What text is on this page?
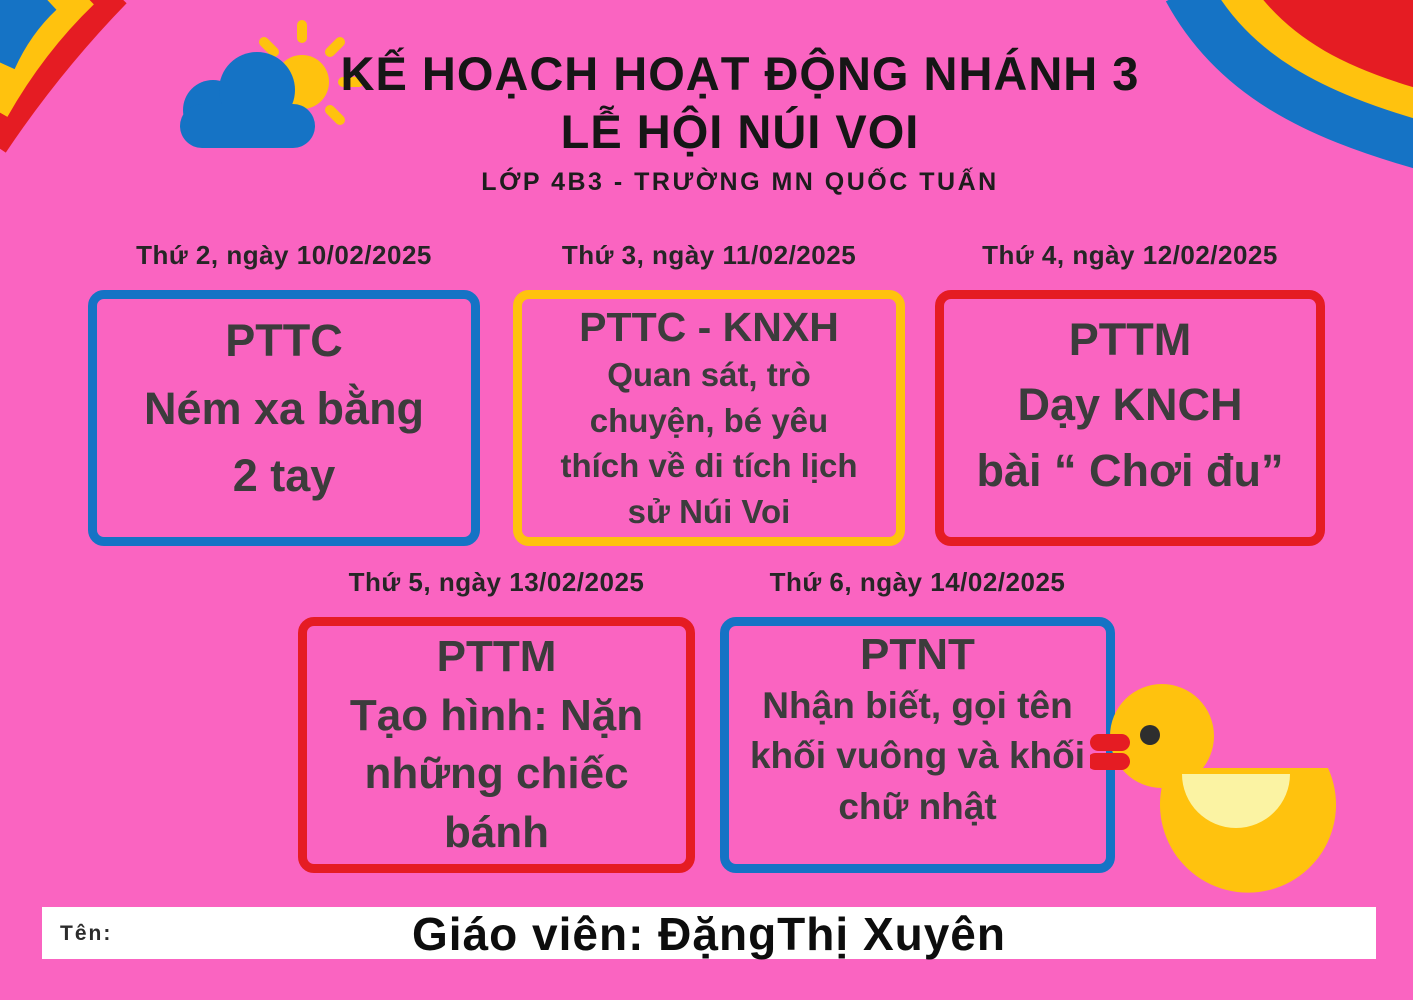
KẾ HOẠCH HOẠT ĐỘNG NHÁNH 3
LỄ HỘI NÚI VOI
LỚP 4B3 - TRƯỜNG MN QUỐC TUẤN
Thứ 2, ngày 10/02/2025
PTTC
Ném xa bằng
2 tay
Thứ 3, ngày 11/02/2025
PTTC - KNXH
Quan sát, trò
chuyện, bé yêu
thích về di tích lịch
sử Núi Voi
Thứ 4, ngày 12/02/2025
PTTM
Dạy KNCH
bài “ Chơi đu”
Thứ 5, ngày 13/02/2025
PTTM
Tạo hình: Nặn
những chiếc
bánh
Thứ 6, ngày 14/02/2025
PTNT
Nhận biết, gọi tên
khối vuông và khối
chữ nhật
Tên:	Giáo viên: ĐặngThị Xuyên
